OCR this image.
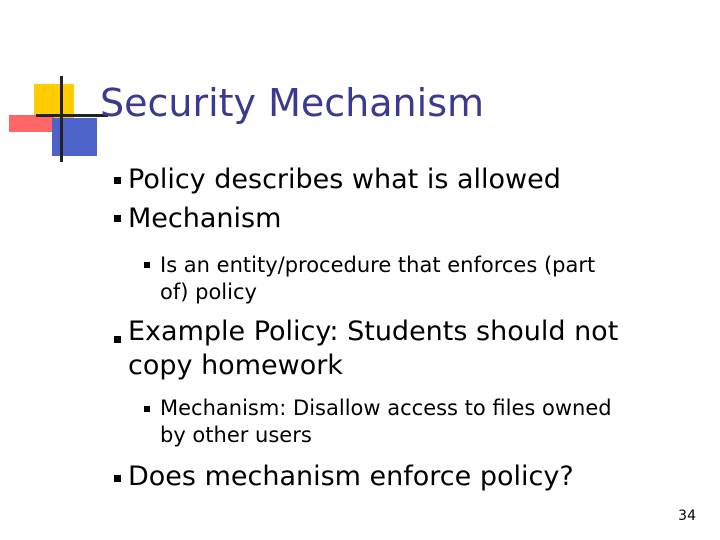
Security Mechanism
Policy describes what is allowed
Mechanism
Is an entity/procedure that enforces (part
of) policy
Example Policy: Students should not
copy homework
Mechanism: Disallow access to files owned
by other users
Does mechanism enforce policy?
34
